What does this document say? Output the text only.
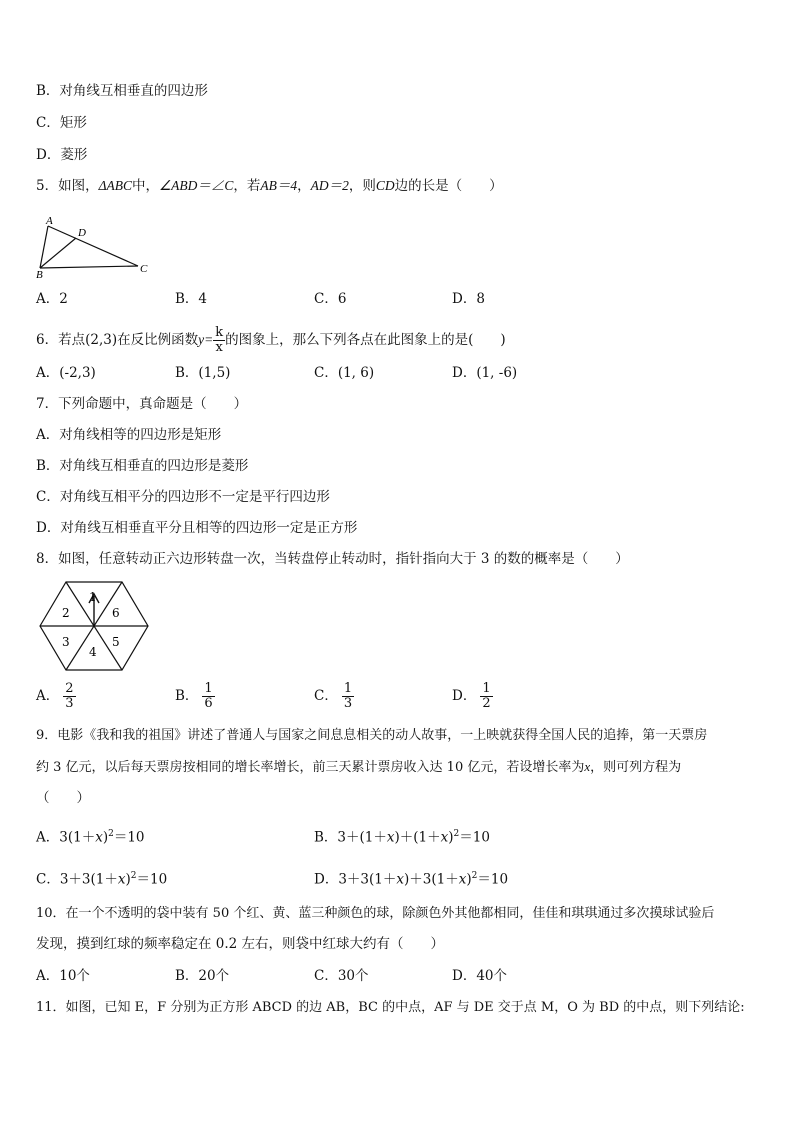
B．对角线互相垂直的四边形
C．矩形
D．菱形
5．如图，ΔABC中，∠ABD＝∠C，若AB＝4，AD＝2，则CD边的长是（　　）
A
D
B	C
A．2	B．4	C．6	D．8
6．若点(2,3)在反比例函数$y= \frac{k}{x}$ 的图象上，那么下列各点在此图象上的是(　　)
A．(-2,3)	B．(1,5)	C．(1, 6)	D．(1, -6)
7．下列命题中，真命题是（　　）
A．对角线相等的四边形是矩形
B．对角线互相垂直的四边形是菱形
C．对角线互相平分的四边形不一定是平行四边形
D．对角线互相垂直平分且相等的四边形一定是正方形
8．如图，任意转动正六边形转盘一次，当转盘停止转动时，指针指向大于 3 的数的概率是（　　）
1
6
5
4
3
2
A． $\frac{2}{3}$	B． $\frac{1}{6}$	C． $\frac{1}{3}$	D． $\frac{1}{2}$
9．电影《我和我的祖国》讲述了普通人与国家之间息息相关的动人故事，一上映就获得全国人民的追捧，第一天票房
约 3 亿元，以后每天票房按相同的增长率增长，前三天累计票房收入达 10 亿元，若设增长率为x，则可列方程为
（　　）
A．$3(1+x)^2=10$	B．$3+(1+x)+(1+x)^2=10$
C．$3+3(1+x)^2=10$	D．$3+3(1+x)+3(1+x)^2=10$
10．在一个不透明的袋中装有 50 个红、黄、蓝三种颜色的球，除颜色外其他都相同，佳佳和琪琪通过多次摸球试验后
发现，摸到红球的频率稳定在 0.2 左右，则袋中红球大约有（　　）
A．10个	B．20个	C．30个	D．40个
11．如图，已知 E，F 分别为正方形 ABCD 的边 AB，BC 的中点，AF 与 DE 交于点 M，O 为 BD 的中点，则下列结论:
